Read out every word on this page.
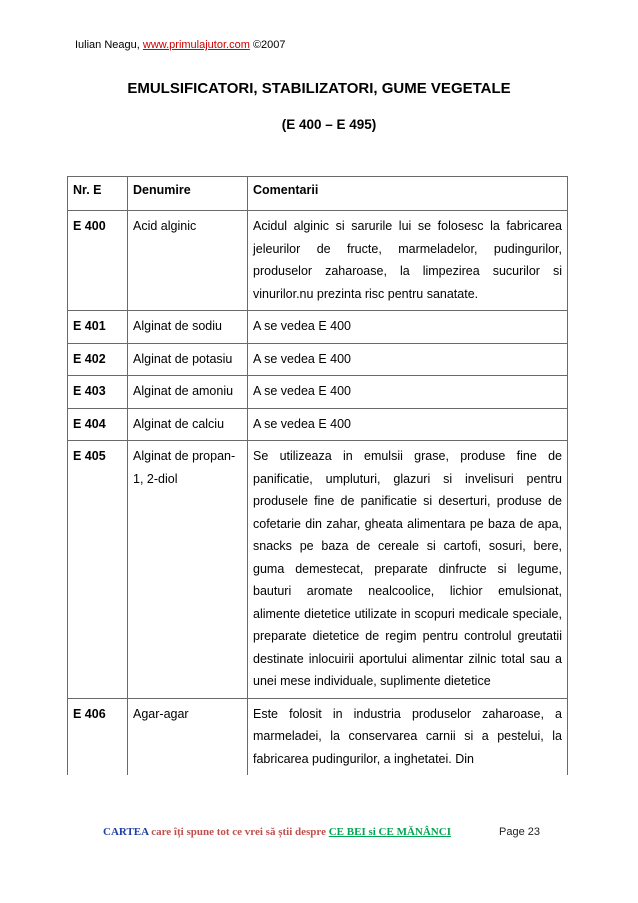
Iulian Neagu, www.primulajutor.com ©2007
EMULSIFICATORI, STABILIZATORI, GUME VEGETALE
(E 400 – E 495)
Nr. E	Denumire	Comentarii
E 400	Acid alginic	Acidul alginic si sarurile lui se folosesc la fabricarea jeleurilor de fructe, marmeladelor, pudingurilor, produselor zaharoase, la limpezirea sucurilor si vinurilor.nu prezinta risc pentru sanatate.
E 401	Alginat de sodiu	A se vedea E 400
E 402	Alginat de potasiu	A se vedea E 400
E 403	Alginat de amoniu	A se vedea E 400
E 404	Alginat de calciu	A se vedea E 400
E 405	Alginat de propan-1, 2-diol	Se utilizeaza in emulsii grase, produse fine de panificatie, umpluturi, glazuri si invelisuri pentru produsele fine de panificatie si deserturi, produse de cofetarie din zahar, gheata alimentara pe baza de apa, snacks pe baza de cereale si cartofi, sosuri, bere, guma demestecat, preparate dinfructe si legume, bauturi aromate nealcoolice, lichior emulsionat, alimente dietetice utilizate in scopuri medicale speciale, preparate dietetice de regim pentru controlul greutatii destinate inlocuirii aportului alimentar zilnic total sau a unei mese individuale, suplimente dietetice
E 406	Agar-agar	Este folosit in industria produselor zaharoase, a marmeladei, la conservarea carnii si a pestelui, la fabricarea pudingurilor, a inghetatei. Din
CARTEA care îți spune tot ce vrei să știi despre CE BEI si CE MĂNÂNCI	Page 23
